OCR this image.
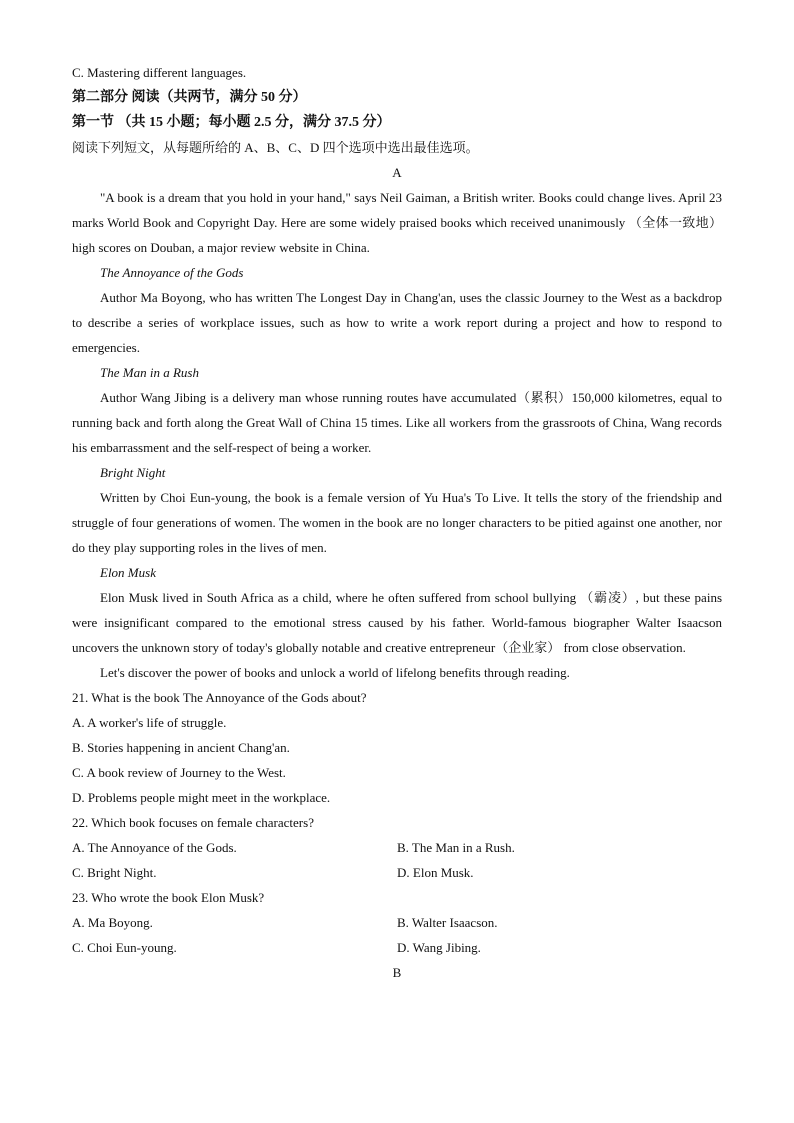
C. Mastering different languages.
第二部分 阅读（共两节，满分 50 分）
第一节 （共 15 小题；每小题 2.5 分，满分 37.5 分）
阅读下列短文，从每题所给的 A、B、C、D 四个选项中选出最佳选项。
A
"A book is a dream that you hold in your hand," says Neil Gaiman, a British writer. Books could change lives. April 23 marks World Book and Copyright Day. Here are some widely praised books which received unanimously （全体一致地） high scores on Douban, a major review website in China.
The Annoyance of the Gods
Author Ma Boyong, who has written The Longest Day in Chang'an, uses the classic Journey to the West as a backdrop to describe a series of workplace issues, such as how to write a work report during a project and how to respond to emergencies.
The Man in a Rush
Author Wang Jibing is a delivery man whose running routes have accumulated（累积）150,000 kilometres, equal to running back and forth along the Great Wall of China 15 times. Like all workers from the grassroots of China, Wang records his embarrassment and the self-respect of being a worker.
Bright Night
Written by Choi Eun-young, the book is a female version of Yu Hua's To Live. It tells the story of the friendship and struggle of four generations of women. The women in the book are no longer characters to be pitied against one another, nor do they play supporting roles in the lives of men.
Elon Musk
Elon Musk lived in South Africa as a child, where he often suffered from school bullying （霸凌）, but these pains were insignificant compared to the emotional stress caused by his father. World-famous biographer Walter Isaacson uncovers the unknown story of today's globally notable and creative entrepreneur（企业家） from close observation.
Let's discover the power of books and unlock a world of lifelong benefits through reading.
21. What is the book The Annoyance of the Gods about?
A. A worker's life of struggle.
B. Stories happening in ancient Chang'an.
C. A book review of Journey to the West.
D. Problems people might meet in the workplace.
22. Which book focuses on female characters?
A. The Annoyance of the Gods.	B. The Man in a Rush.
C. Bright Night.	D. Elon Musk.
23. Who wrote the book Elon Musk?
A. Ma Boyong.	B. Walter Isaacson.
C. Choi Eun-young.	D. Wang Jibing.
B
